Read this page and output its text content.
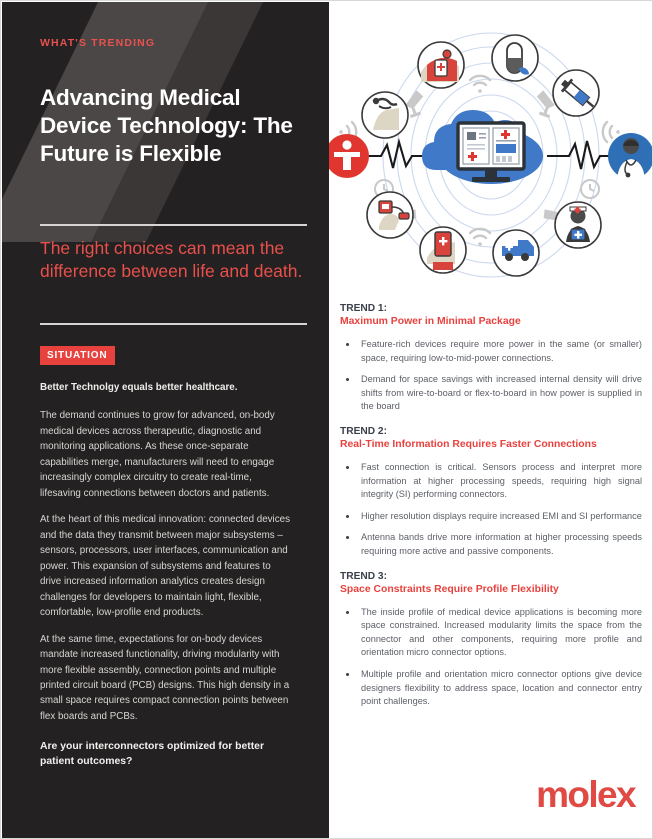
WHAT'S TRENDING
Advancing Medical Device Technology: The Future is Flexible
The right choices can mean the difference between life and death.
SITUATION

Better Technolgy equals better healthcare.

The demand continues to grow for advanced, on-body medical devices across therapeutic, diagnostic and monitoring applications. As these once-separate capabilities merge, manufacturers will need to engage increasingly complex circuitry to create real-time, lifesaving connections between doctors and patients.

At the heart of this medical innovation: connected devices and the data they transmit between major subsystems – sensors, processors, user interfaces, communication and power. This expansion of subsystems and features to drive increased information analytics creates design challenges for developers to maintain light, flexible, comfortable, low-profile end products.

At the same time, expectations for on-body devices mandate increased functionality, driving modularity with more flexible assembly, connection points and multiple printed circuit board (PCB) designs. This high density in a small space requires compact connection points between flex boards and PCBs.

Are your interconnectors optimized for better patient outcomes?

TREND 1:
Maximum Power in Minimal Package
Feature-rich devices require more power in the same (or smaller) space, requiring low-to-mid-power connections.
Demand for space savings with increased internal density will drive shifts from wire-to-board or flex-to-board in how power is supplied in the board
TREND 2:
Real-Time Information Requires Faster Connections
Fast connection is critical. Sensors process and interpret more information at higher processing speeds, requiring high signal integrity (SI) performing connectors.
Higher resolution displays require increased EMI and SI performance
Antenna bands drive more information at higher processing speeds requiring more active and passive components.
TREND 3:
Space Constraints Require Profile Flexibility
The inside profile of medical device applications is becoming more space constrained. Increased modularity limits the space from the connector and other components, requiring more profile and orientation micro connector options.
Multiple profile and orientation micro connector options give device designers flexibility to address space, location and connector entry point challenges.
molex
